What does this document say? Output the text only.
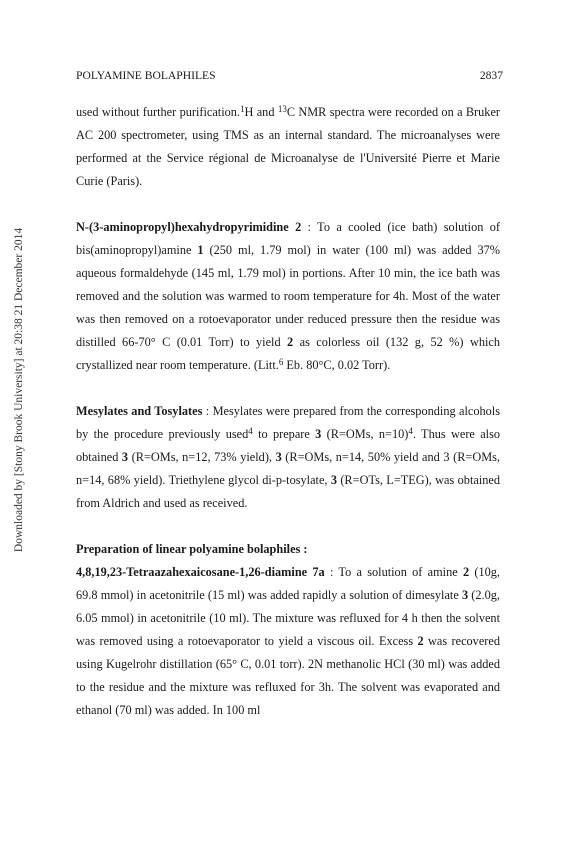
Downloaded by [Stony Brook University] at 20:38 21 December 2014
POLYAMINE BOLAPHILES	2837

used without further purification.$^1$H and $^{13}$C NMR spectra were recorded on a Bruker AC 200 spectrometer, using TMS as an internal standard. The microanalyses were performed at the Service régional de Microanalyse de l'Université Pierre et Marie Curie (Paris).

N-(3-aminopropyl)hexahydropyrimidine 2 : To a cooled (ice bath) solution of bis(aminopropyl)amine 1 (250 ml, 1.79 mol) in water (100 ml) was added 37% aqueous formaldehyde (145 ml, 1.79 mol) in portions. After 10 min, the ice bath was removed and the solution was warmed to room temperature for 4h. Most of the water was then removed on a rotoevaporator under reduced pressure then the residue was distilled 66-70° C (0.01 Torr) to yield 2 as colorless oil (132 g, 52 %) which crystallized near room temperature. (Litt.$^6$ Eb. 80°C, 0.02 Torr).

Mesylates and Tosylates : Mesylates were prepared from the corresponding alcohols by the procedure previously used$^4$ to prepare 3 (R=OMs, n=10)$^4$. Thus were also obtained 3 (R=OMs, n=12, 73% yield), 3 (R=OMs, n=14, 50% yield and 3 (R=OMs, n=14, 68% yield). Triethylene glycol di-p-tosylate, 3 (R=OTs, L=TEG), was obtained from Aldrich and used as received.

Preparation of linear polyamine bolaphiles :

4,8,19,23-Tetraazahexaicosane-1,26-diamine 7a : To a solution of amine 2 (10g, 69.8 mmol) in acetonitrile (15 ml) was added rapidly a solution of dimesylate 3 (2.0g, 6.05 mmol) in acetonitrile (10 ml). The mixture was refluxed for 4 h then the solvent was removed using a rotoevaporator to yield a viscous oil. Excess 2 was recovered using Kugelrohr distillation (65° C, 0.01 torr). 2N methanolic HCl (30 ml) was added to the residue and the mixture was refluxed for 3h. The solvent was evaporated and ethanol (70 ml) was added. In 100 ml
